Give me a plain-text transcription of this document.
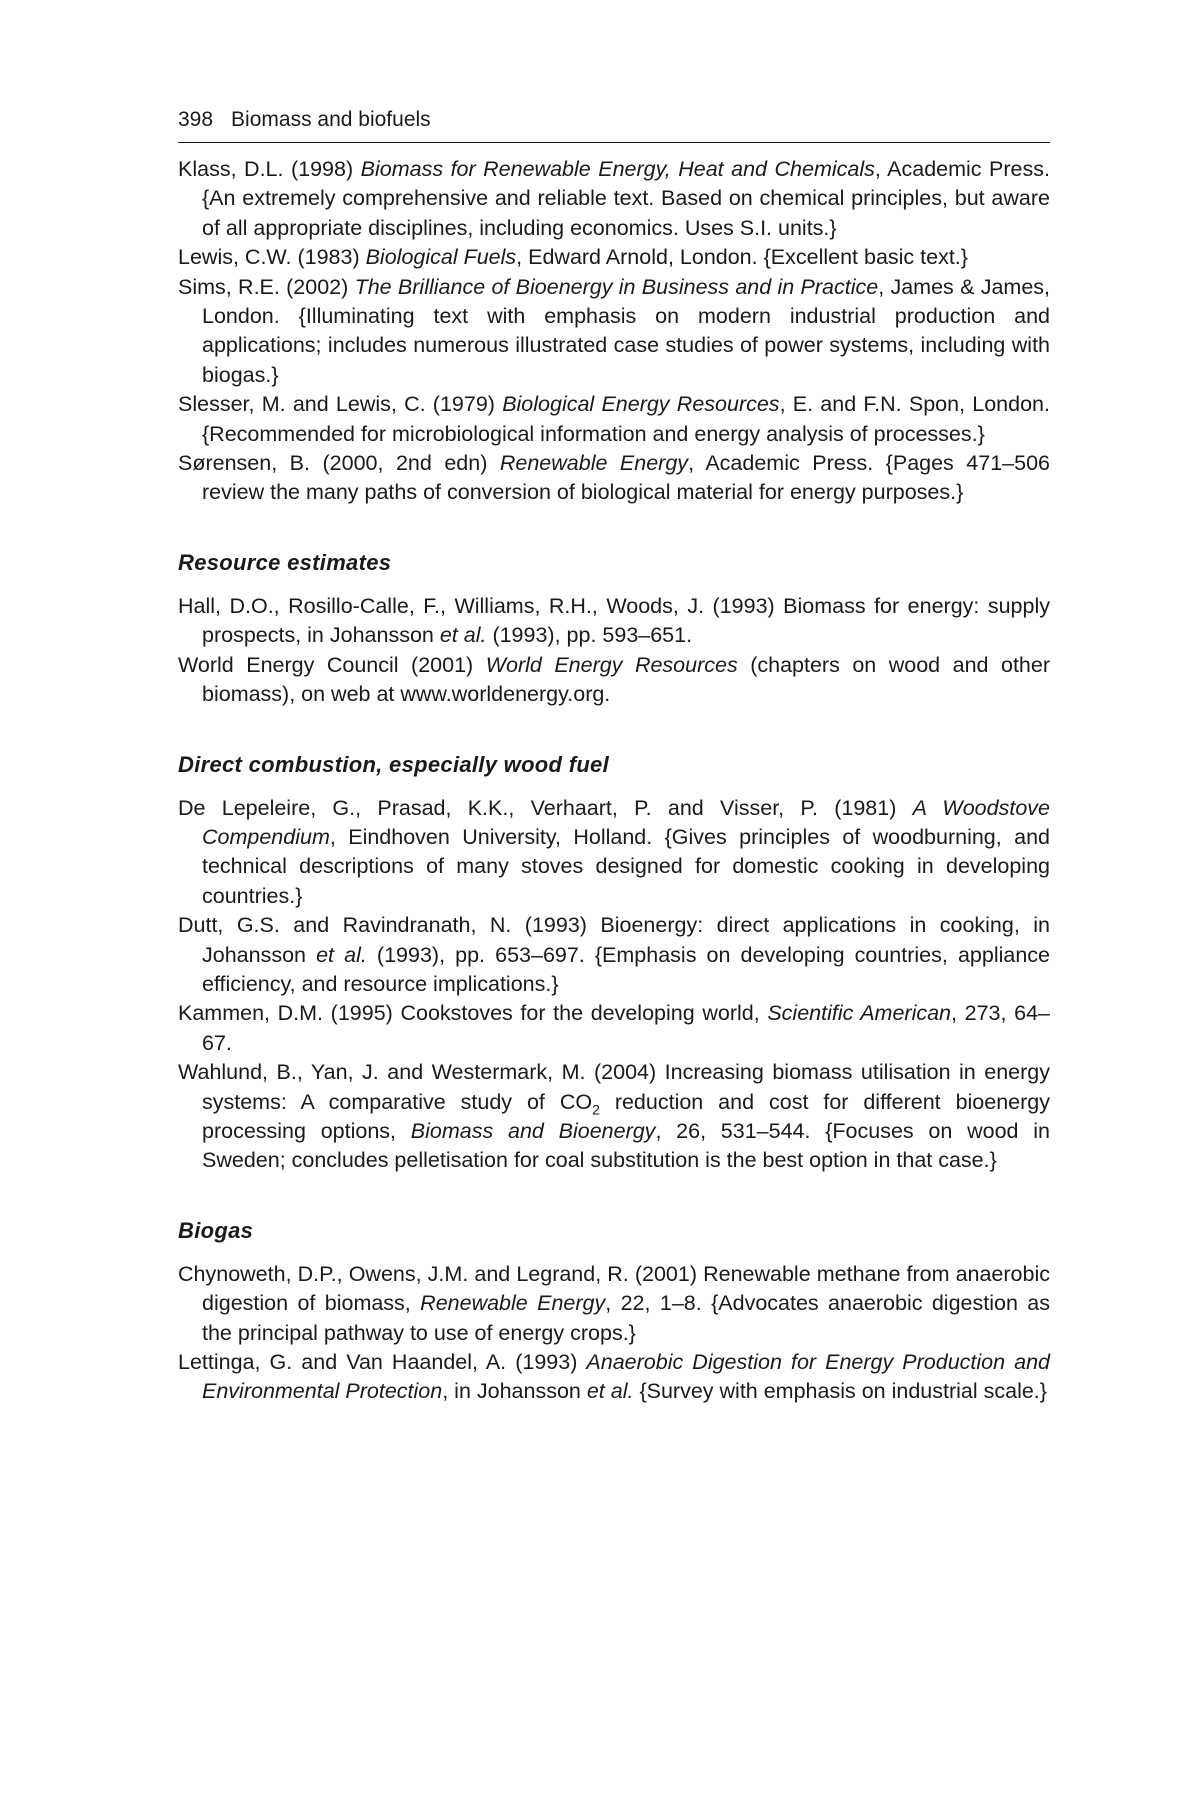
398 Biomass and biofuels
Klass, D.L. (1998) Biomass for Renewable Energy, Heat and Chemicals, Academic Press. {An extremely comprehensive and reliable text. Based on chemical principles, but aware of all appropriate disciplines, including economics. Uses S.I. units.}
Lewis, C.W. (1983) Biological Fuels, Edward Arnold, London. {Excellent basic text.}
Sims, R.E. (2002) The Brilliance of Bioenergy in Business and in Practice, James & James, London. {Illuminating text with emphasis on modern industrial production and applications; includes numerous illustrated case studies of power systems, including with biogas.}
Slesser, M. and Lewis, C. (1979) Biological Energy Resources, E. and F.N. Spon, London. {Recommended for microbiological information and energy analysis of processes.}
Sørensen, B. (2000, 2nd edn) Renewable Energy, Academic Press. {Pages 471–506 review the many paths of conversion of biological material for energy purposes.}
Resource estimates
Hall, D.O., Rosillo-Calle, F., Williams, R.H., Woods, J. (1993) Biomass for energy: supply prospects, in Johansson et al. (1993), pp. 593–651.
World Energy Council (2001) World Energy Resources (chapters on wood and other biomass), on web at www.worldenergy.org.
Direct combustion, especially wood fuel
De Lepeleire, G., Prasad, K.K., Verhaart, P. and Visser, P. (1981) A Woodstove Compendium, Eindhoven University, Holland. {Gives principles of woodburning, and technical descriptions of many stoves designed for domestic cooking in developing countries.}
Dutt, G.S. and Ravindranath, N. (1993) Bioenergy: direct applications in cooking, in Johansson et al. (1993), pp. 653–697. {Emphasis on developing countries, appliance efficiency, and resource implications.}
Kammen, D.M. (1995) Cookstoves for the developing world, Scientific American, 273, 64–67.
Wahlund, B., Yan, J. and Westermark, M. (2004) Increasing biomass utilisation in energy systems: A comparative study of $CO_2$ reduction and cost for different bioenergy processing options, Biomass and Bioenergy, 26, 531–544. {Focuses on wood in Sweden; concludes pelletisation for coal substitution is the best option in that case.}
Biogas
Chynoweth, D.P., Owens, J.M. and Legrand, R. (2001) Renewable methane from anaerobic digestion of biomass, Renewable Energy, 22, 1–8. {Advocates anaerobic digestion as the principal pathway to use of energy crops.}
Lettinga, G. and Van Haandel, A. (1993) Anaerobic Digestion for Energy Production and Environmental Protection, in Johansson et al. {Survey with emphasis on industrial scale.}
